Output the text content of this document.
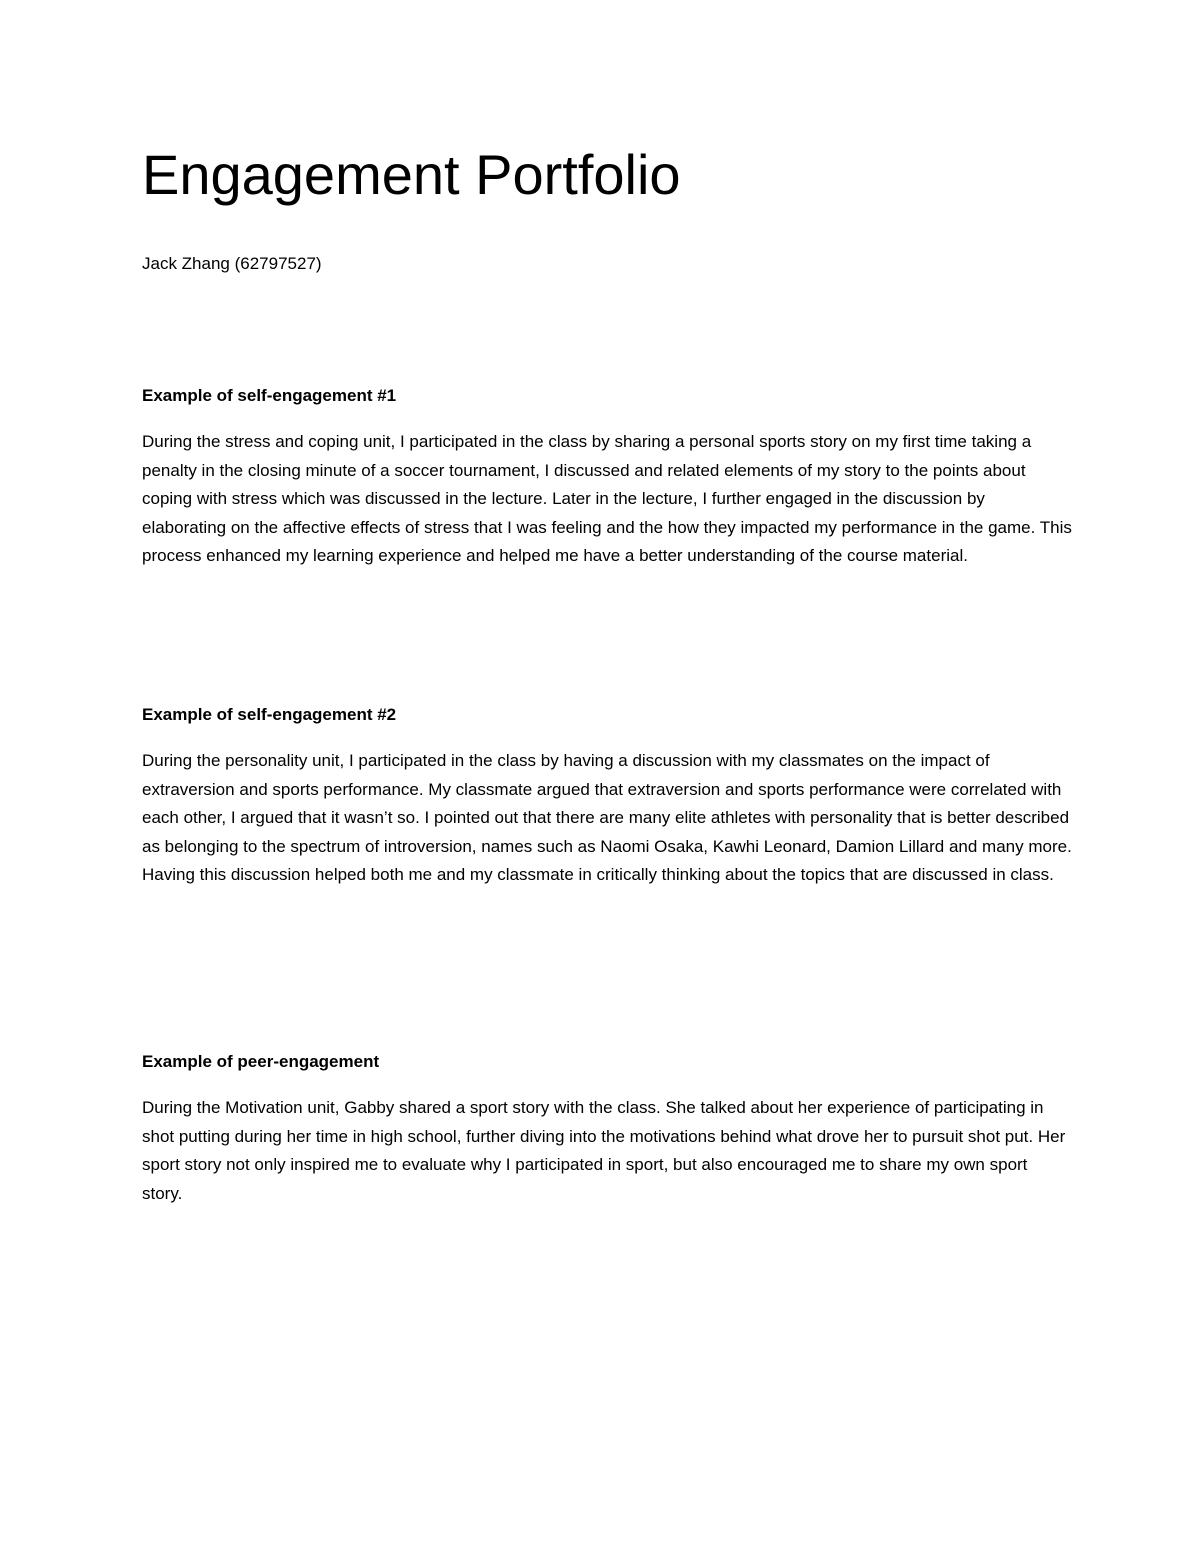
Engagement Portfolio
Jack Zhang (62797527)
Example of self-engagement #1

During the stress and coping unit, I participated in the class by sharing a personal sports story on my first time taking a penalty in the closing minute of a soccer tournament, I discussed and related elements of my story to the points about coping with stress which was discussed in the lecture. Later in the lecture, I further engaged in the discussion by elaborating on the affective effects of stress that I was feeling and the how they impacted my performance in the game. This process enhanced my learning experience and helped me have a better understanding of the course material.

Example of self-engagement #2

During the personality unit, I participated in the class by having a discussion with my classmates on the impact of extraversion and sports performance. My classmate argued that extraversion and sports performance were correlated with each other, I argued that it wasn’t so. I pointed out that there are many elite athletes with personality that is better described as belonging to the spectrum of introversion, names such as Naomi Osaka, Kawhi Leonard, Damion Lillard and many more. Having this discussion helped both me and my classmate in critically thinking about the topics that are discussed in class.

Example of peer-engagement

During the Motivation unit, Gabby shared a sport story with the class. She talked about her experience of participating in shot putting during her time in high school, further diving into the motivations behind what drove her to pursuit shot put. Her sport story not only inspired me to evaluate why I participated in sport, but also encouraged me to share my own sport story.
